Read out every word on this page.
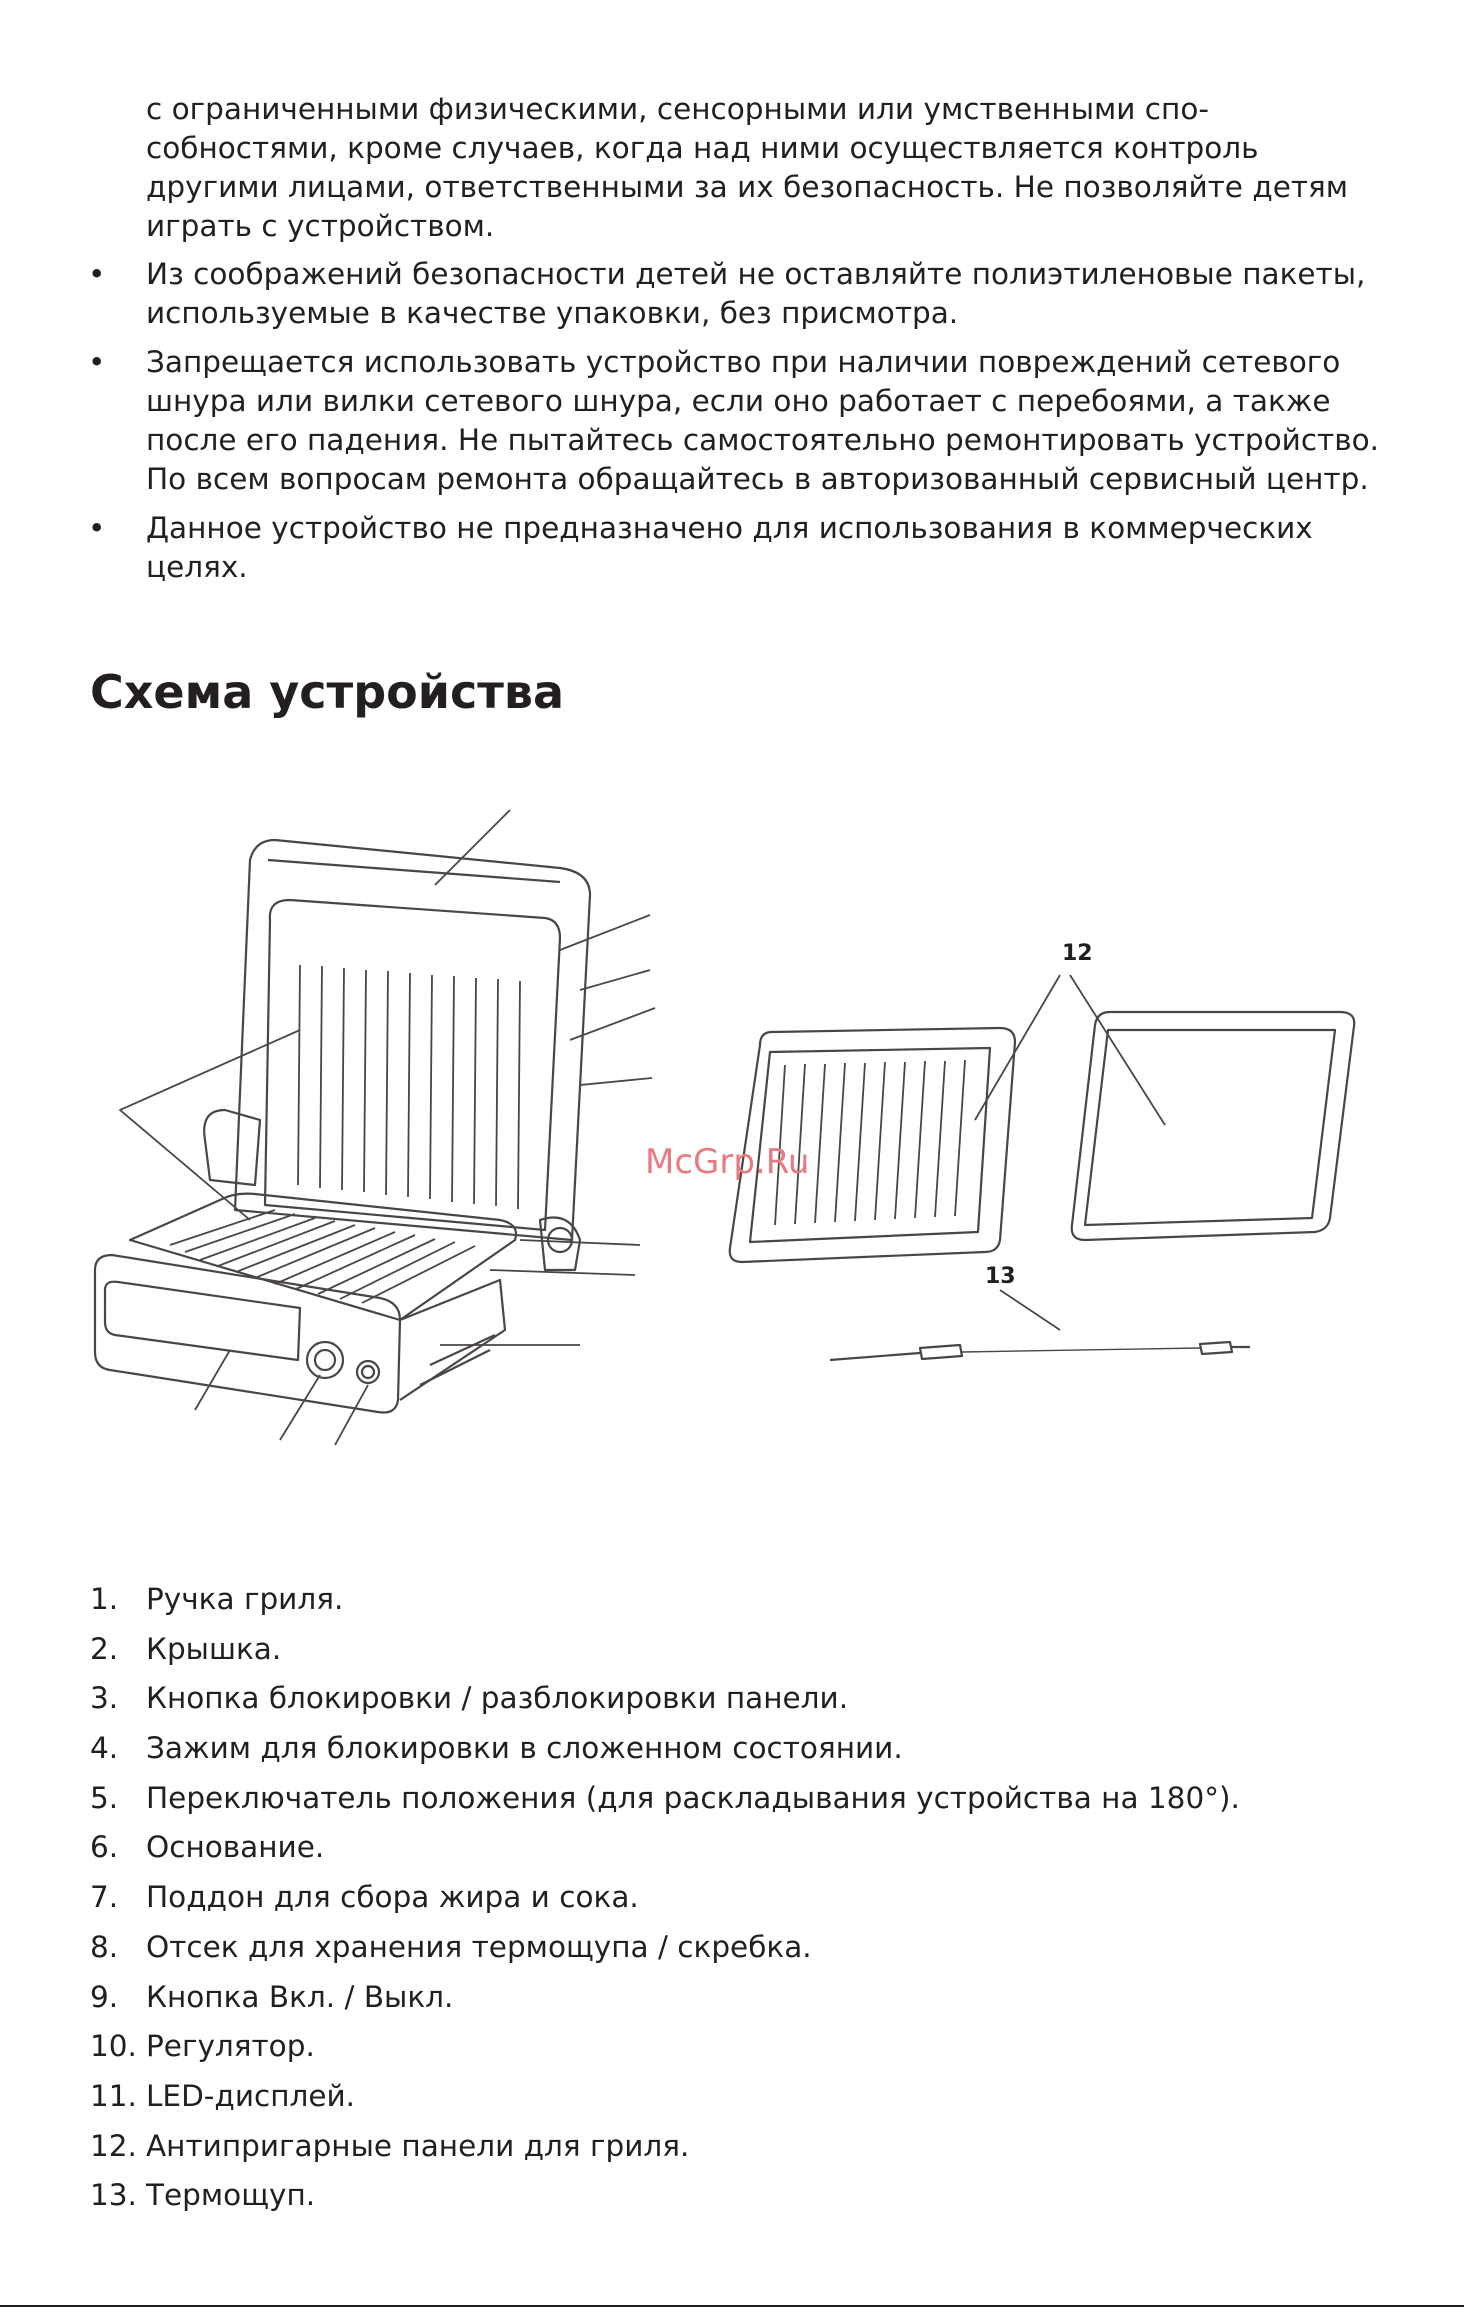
с ограниченными физическими, сенсорными или умственными способностями, кроме случаев, когда над ними осуществляется контроль другими лицами, ответственными за их безопасность. Не позволяйте детям играть с устройством.

• Из соображений безопасности детей не оставляйте полиэтиленовые пакеты, используемые в качестве упаковки, без присмотра.
• Запрещается использовать устройство при наличии повреждений сетевого шнура или вилки сетевого шнура, если оно работает с перебоями, а также после его падения. Не пытайтесь самостоятельно ремонтировать устройство. По всем вопросам ремонта обращайтесь в авторизованный сервисный центр.
• Данное устройство не предназначено для использования в коммерческих целях.
Схема устройства
12
13
McGrp.Ru
1. Ручка гриля.
2. Крышка.
3. Кнопка блокировки / разблокировки панели.
4. Зажим для блокировки в сложенном состоянии.
5. Переключатель положения (для раскладывания устройства на 180°).
6. Основание.
7. Поддон для сбора жира и сока.
8. Отсек для хранения термощупа / скребка.
9. Кнопка Вкл. / Выкл.
10. Регулятор.
11. LED-дисплей.
12. Антипригарные панели для гриля.
13. Термощуп.
